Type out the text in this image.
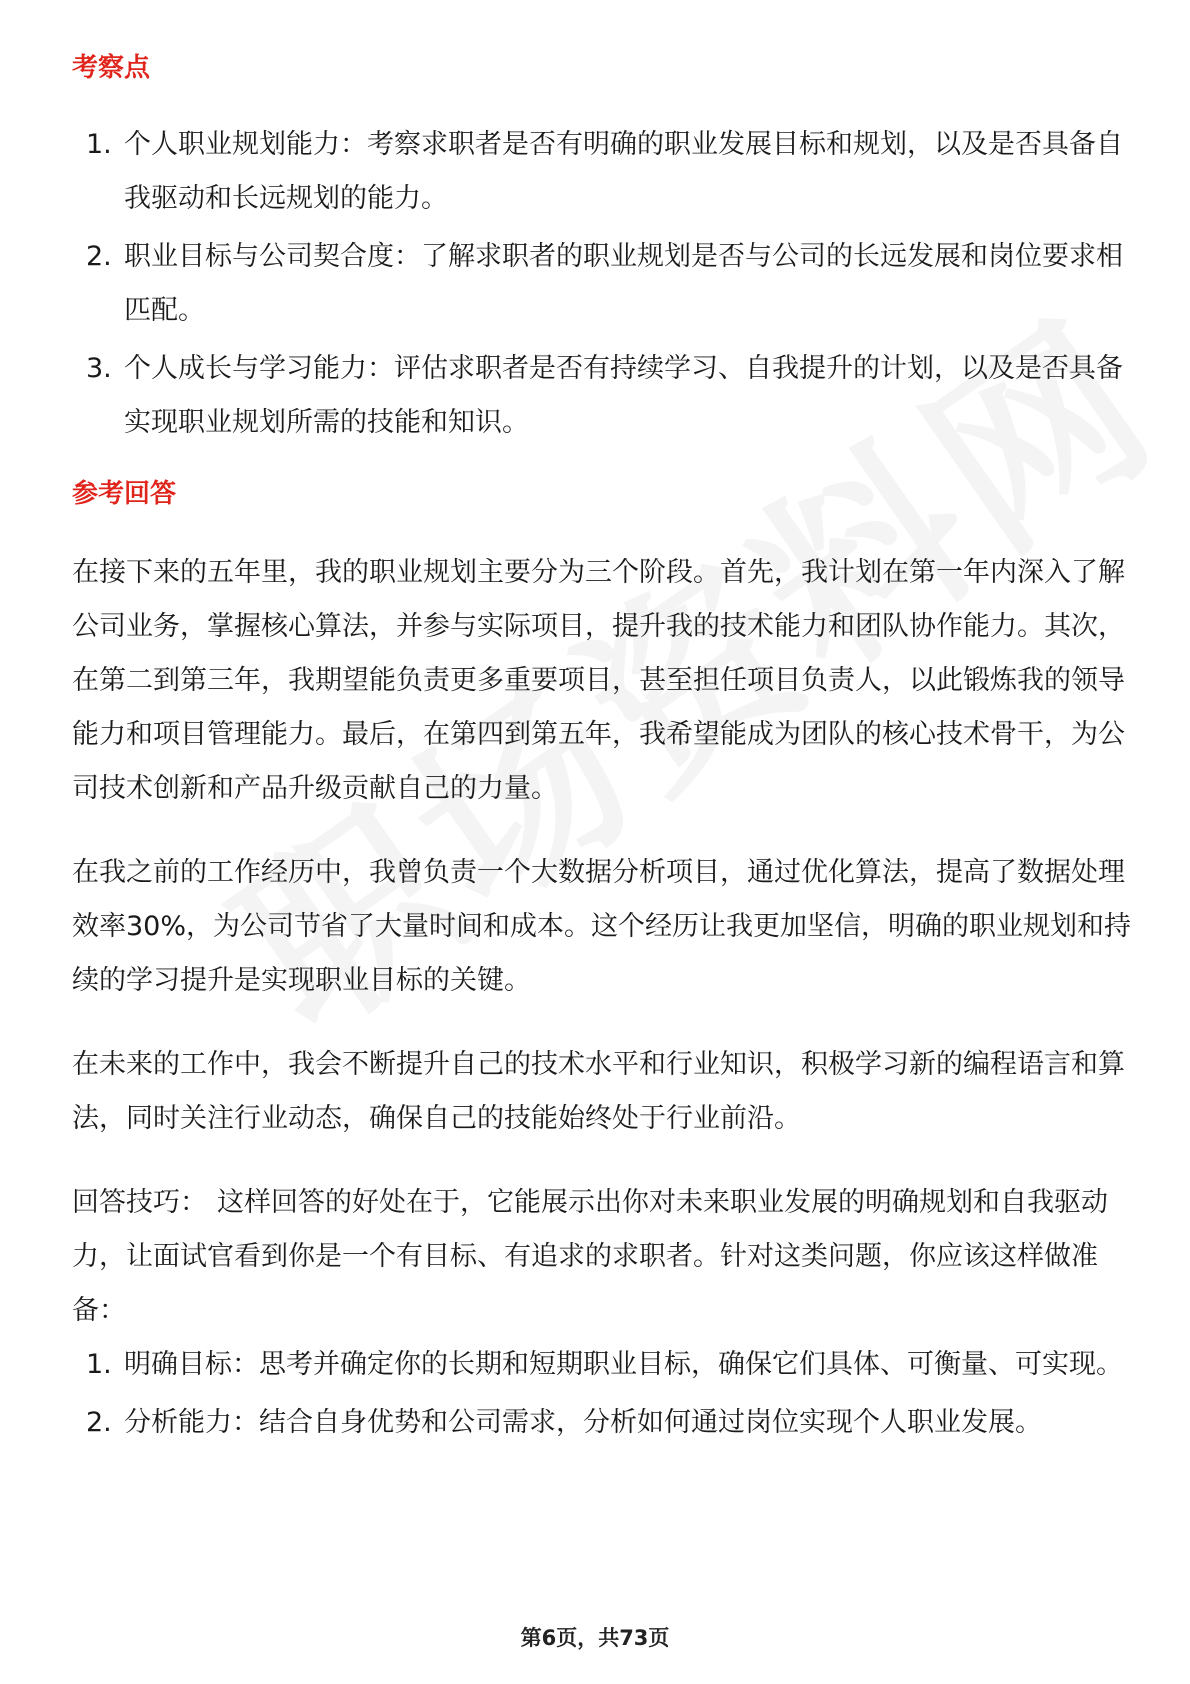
考察点
1. 个人职业规划能力：考察求职者是否有明确的职业发展目标和规划，以及是否具备自我驱动和长远规划的能力。
2. 职业目标与公司契合度：了解求职者的职业规划是否与公司的长远发展和岗位要求相匹配。
3. 个人成长与学习能力：评估求职者是否有持续学习、自我提升的计划，以及是否具备实现职业规划所需的技能和知识。
参考回答

在接下来的五年里，我的职业规划主要分为三个阶段。首先，我计划在第一年内深入了解公司业务，掌握核心算法，并参与实际项目，提升我的技术能力和团队协作能力。其次，在第二到第三年，我期望能负责更多重要项目，甚至担任项目负责人，以此锻炼我的领导能力和项目管理能力。最后，在第四到第五年，我希望能成为团队的核心技术骨干，为公司技术创新和产品升级贡献自己的力量。

在我之前的工作经历中，我曾负责一个大数据分析项目，通过优化算法，提高了数据处理效率30%，为公司节省了大量时间和成本。这个经历让我更加坚信，明确的职业规划和持续的学习提升是实现职业目标的关键。

在未来的工作中，我会不断提升自己的技术水平和行业知识，积极学习新的编程语言和算法，同时关注行业动态，确保自己的技能始终处于行业前沿。

回答技巧： 这样回答的好处在于，它能展示出你对未来职业发展的明确规划和自我驱动力，让面试官看到你是一个有目标、有追求的求职者。针对这类问题，你应该这样做准备：

1. 明确目标：思考并确定你的长期和短期职业目标，确保它们具体、可衡量、可实现。
2. 分析能力：结合自身优势和公司需求，分析如何通过岗位实现个人职业发展。
第6页，共73页
